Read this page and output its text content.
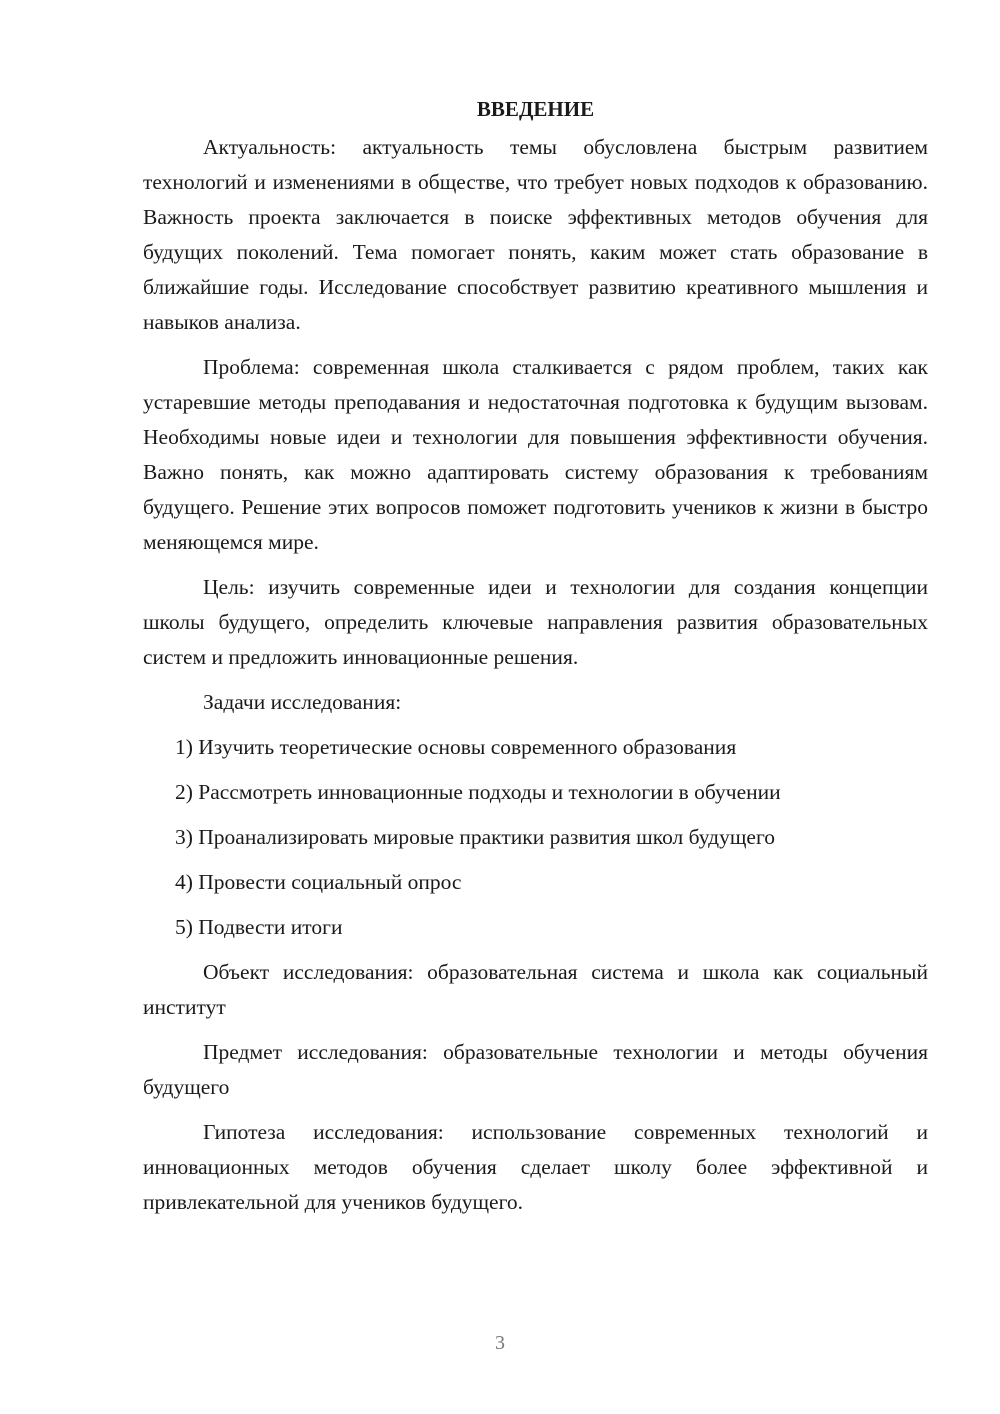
ВВЕДЕНИЕ

Актуальность: актуальность темы обусловлена быстрым развитием технологий и изменениями в обществе, что требует новых подходов к образованию. Важность проекта заключается в поиске эффективных методов обучения для будущих поколений. Тема помогает понять, каким может стать образование в ближайшие годы. Исследование способствует развитию креативного мышления и навыков анализа.

Проблема: современная школа сталкивается с рядом проблем, таких как устаревшие методы преподавания и недостаточная подготовка к будущим вызовам. Необходимы новые идеи и технологии для повышения эффективности обучения. Важно понять, как можно адаптировать систему образования к требованиям будущего. Решение этих вопросов поможет подготовить учеников к жизни в быстро меняющемся мире.

Цель: изучить современные идеи и технологии для создания концепции школы будущего, определить ключевые направления развития образовательных систем и предложить инновационные решения.

Задачи исследования:

1) Изучить теоретические основы современного образования

2) Рассмотреть инновационные подходы и технологии в обучении

3) Проанализировать мировые практики развития школ будущего

4) Провести социальный опрос

5) Подвести итоги

Объект исследования: образовательная система и школа как социальный институт

Предмет исследования: образовательные технологии и методы обучения будущего

Гипотеза исследования: использование современных технологий и инновационных методов обучения сделает школу более эффективной и привлекательной для учеников будущего.

3
